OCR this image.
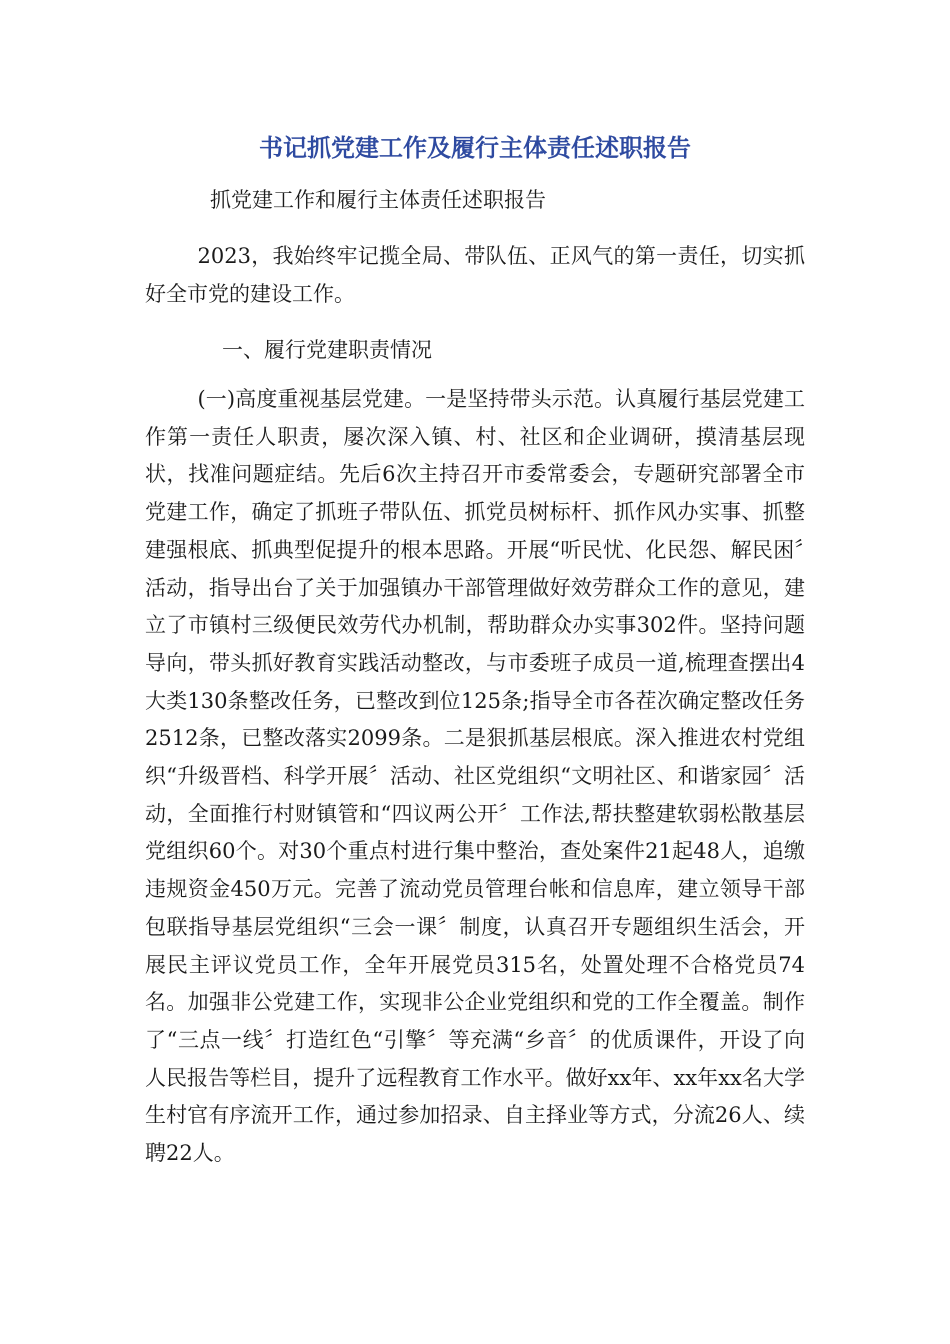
书记抓党建工作及履行主体责任述职报告

抓党建工作和履行主体责任述职报告

2023，我始终牢记揽全局、带队伍、正风气的第一责任，切实抓好全市党的建设工作。

一、履行党建职责情况

(一)高度重视基层党建。一是坚持带头示范。认真履行基层党建工作第一责任人职责，屡次深入镇、村、社区和企业调研，摸清基层现状，找准问题症结。先后6次主持召开市委常委会，专题研究部署全市党建工作，确定了抓班子带队伍、抓党员树标杆、抓作风办实事、抓整建强根底、抓典型促提升的根本思路。开展“听民忧、化民怨、解民困〞活动，指导出台了关于加强镇办干部管理做好效劳群众工作的意见，建立了市镇村三级便民效劳代办机制，帮助群众办实事302件。坚持问题导向，带头抓好教育实践活动整改，与市委班子成员一道,梳理查摆出4大类130条整改任务，已整改到位125条;指导全市各茬次确定整改任务2512条，已整改落实2099条。二是狠抓基层根底。深入推进农村党组织“升级晋档、科学开展〞活动、社区党组织“文明社区、和谐家园〞活动，全面推行村财镇管和“四议两公开〞工作法,帮扶整建软弱松散基层党组织60个。对30个重点村进行集中整治，查处案件21起48人，追缴违规资金450万元。完善了流动党员管理台帐和信息库，建立领导干部包联指导基层党组织“三会一课〞制度，认真召开专题组织生活会，开展民主评议党员工作，全年开展党员315名，处置处理不合格党员74名。加强非公党建工作，实现非公企业党组织和党的工作全覆盖。制作了“三点一线〞打造红色“引擎〞等充满“乡音〞的优质课件，开设了向人民报告等栏目，提升了远程教育工作水平。做好xx年、xx年xx名大学生村官有序流开工作，通过参加招录、自主择业等方式，分流26人、续聘22人。
